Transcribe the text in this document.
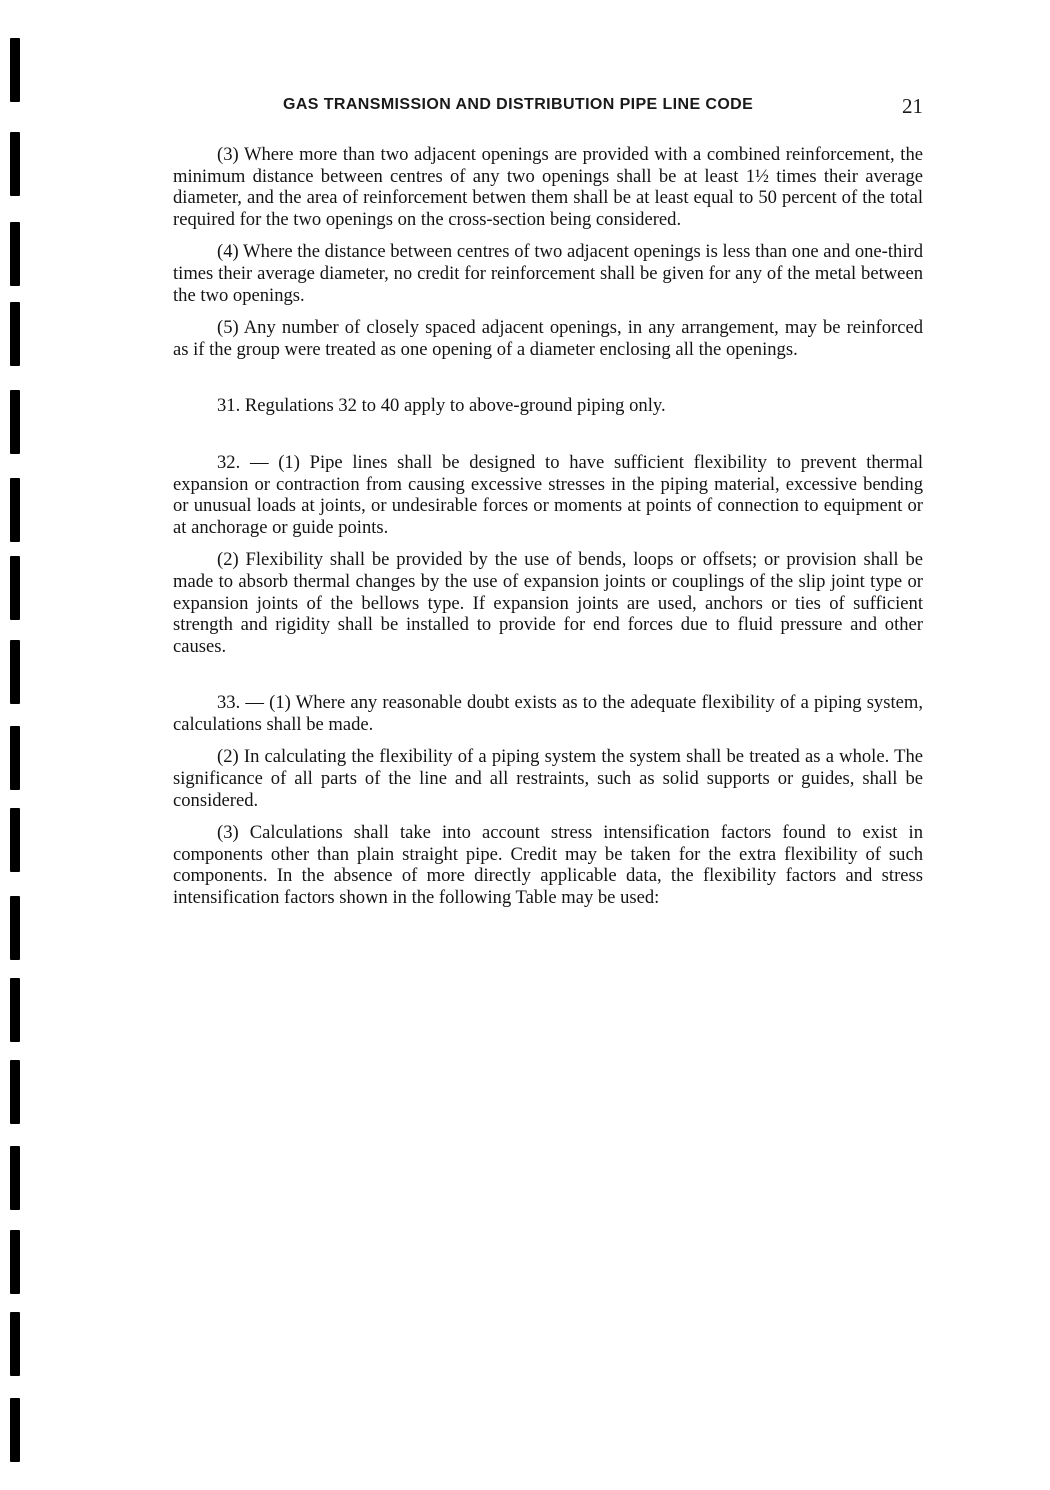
GAS TRANSMISSION AND DISTRIBUTION PIPE LINE CODE	21

(3) Where more than two adjacent openings are provided with a combined reinforcement, the minimum distance between centres of any two openings shall be at least 1½ times their average diameter, and the area of reinforcement betwen them shall be at least equal to 50 percent of the total required for the two openings on the cross-section being considered.

(4) Where the distance between centres of two adjacent openings is less than one and one-third times their average diameter, no credit for reinforcement shall be given for any of the metal between the two openings.

(5) Any number of closely spaced adjacent openings, in any arrangement, may be reinforced as if the group were treated as one opening of a diameter enclosing all the openings.

31. Regulations 32 to 40 apply to above-ground piping only.

32. — (1) Pipe lines shall be designed to have sufficient flexibility to prevent thermal expansion or contraction from causing excessive stresses in the piping material, excessive bending or unusual loads at joints, or undesirable forces or moments at points of connection to equipment or at anchorage or guide points.

(2) Flexibility shall be provided by the use of bends, loops or offsets; or provision shall be made to absorb thermal changes by the use of expansion joints or couplings of the slip joint type or expansion joints of the bellows type. If expansion joints are used, anchors or ties of sufficient strength and rigidity shall be installed to provide for end forces due to fluid pressure and other causes.

33. — (1) Where any reasonable doubt exists as to the adequate flexibility of a piping system, calculations shall be made.

(2) In calculating the flexibility of a piping system the system shall be treated as a whole. The significance of all parts of the line and all restraints, such as solid supports or guides, shall be considered.

(3) Calculations shall take into account stress intensification factors found to exist in components other than plain straight pipe. Credit may be taken for the extra flexibility of such components. In the absence of more directly applicable data, the flexibility factors and stress intensification factors shown in the following Table may be used:
